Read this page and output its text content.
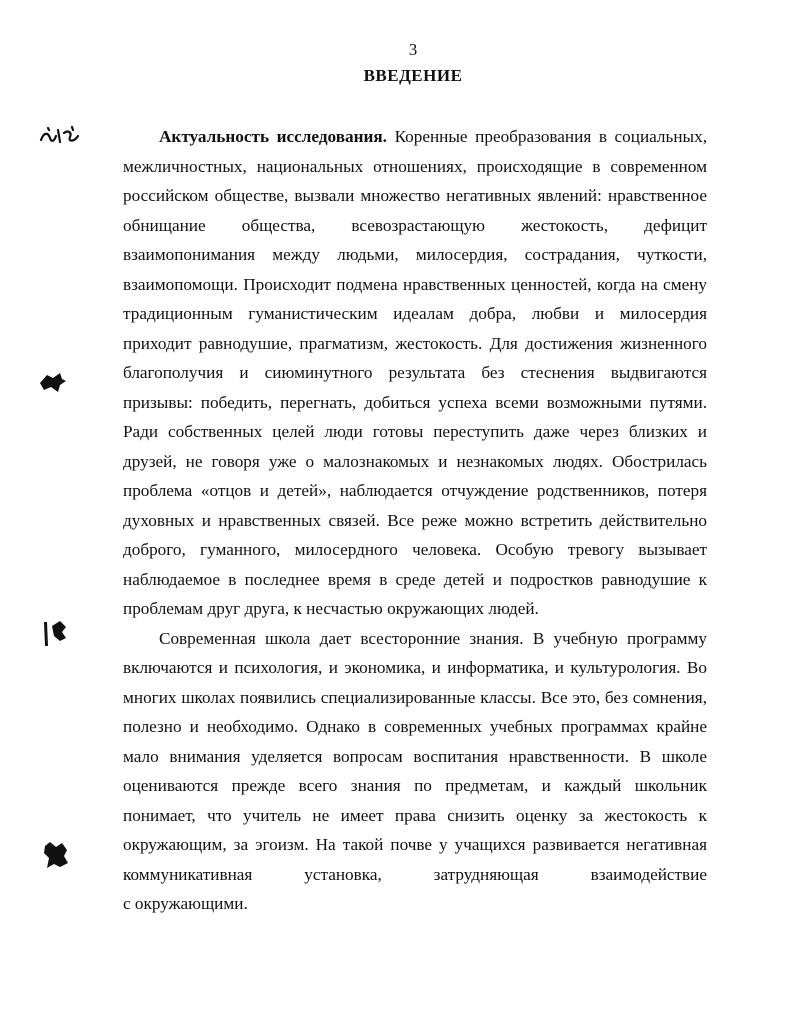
3
ВВЕДЕНИЕ

Актуальность исследования. Коренные преобразования в социальных, межличностных, национальных отношениях, происходящие в современном российском обществе, вызвали множество негативных явлений: нравственное обнищание общества, всевозрастающую жестокость, дефицит взаимопонимания между людьми, милосердия, сострадания, чуткости, взаимопомощи. Происходит подмена нравственных ценностей, когда на смену традиционным гуманистическим идеалам добра, любви и милосердия приходит равнодушие, прагматизм, жестокость. Для достижения жизненного благополучия и сиюминутного результата без стеснения выдвигаются призывы: победить, перегнать, добиться успеха всеми возможными путями. Ради собственных целей люди готовы переступить даже через близких и друзей, не говоря уже о малознакомых и незнакомых людях. Обострилась проблема «отцов и детей», наблюдается отчуждение родственников, потеря духовных и нравственных связей. Все реже можно встретить действительно доброго, гуманного, милосердного человека. Особую тревогу вызывает наблюдаемое в последнее время в среде детей и подростков равнодушие к проблемам друг друга, к несчастью окружающих людей.

Современная школа дает всесторонние знания. В учебную программу включаются и психология, и экономика, и информатика, и культурология. Во многих школах появились специализированные классы. Все это, без сомнения, полезно и необходимо. Однако в современных учебных программах крайне мало внимания уделяется вопросам воспитания нравственности. В школе оцениваются прежде всего знания по предметам, и каждый школьник понимает, что учитель не имеет права снизить оценку за жестокость к окружающим, за эгоизм. На такой почве у учащихся развивается негативная коммуникативная установка, затрудняющая взаимодействие

с окружающими.
